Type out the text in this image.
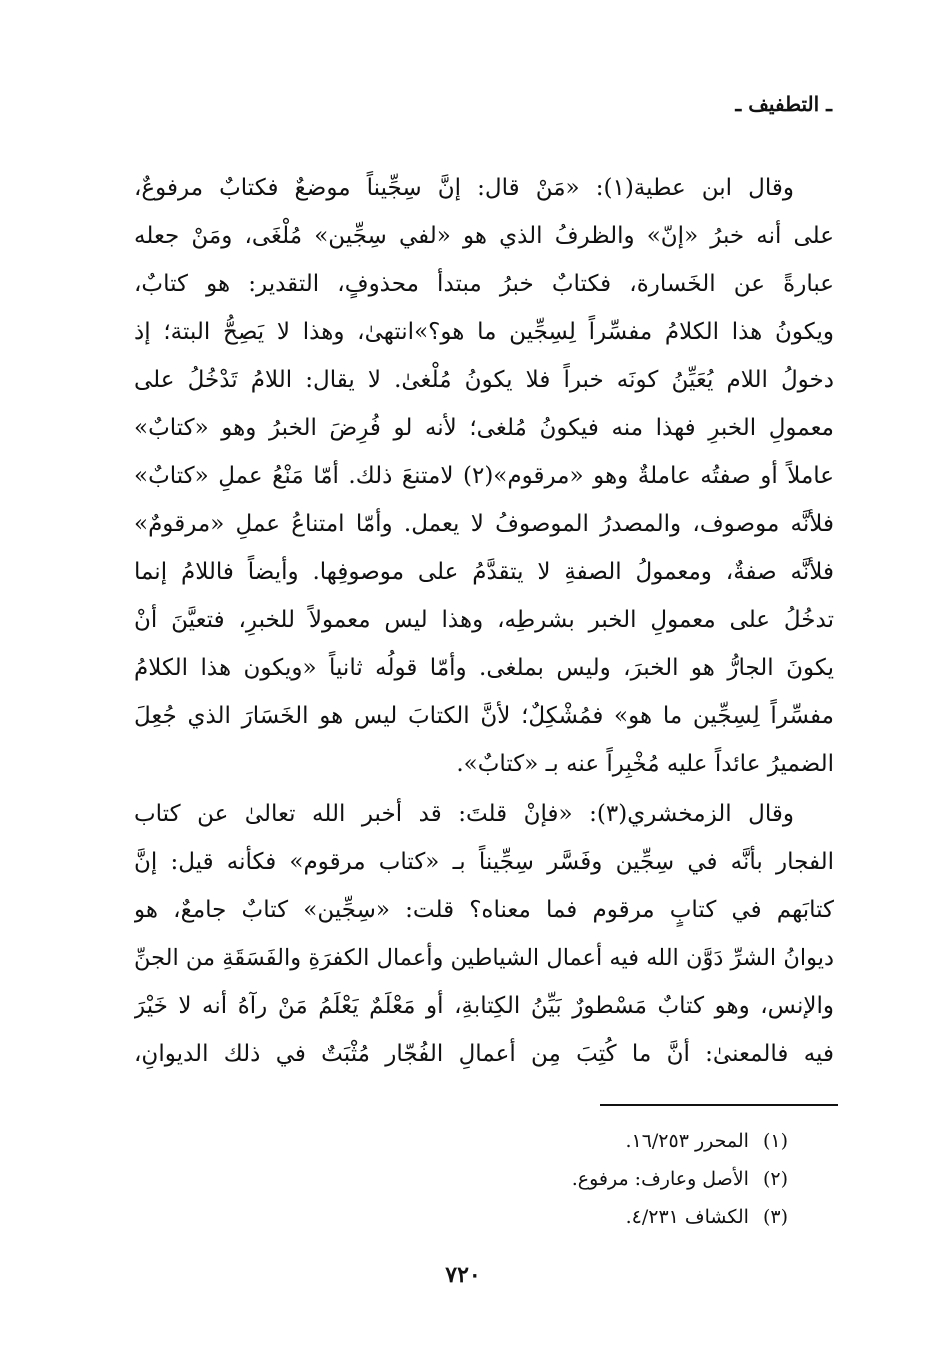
ـ التطفيف ـ
وقال ابن عطية(١): «مَنْ قال: إنَّ سِجِّيناً موضعٌ فكتابٌ مرفوعٌ،
على أنه خبرُ «إنّ» والظرفُ الذي هو «لفي سِجِّين» مُلْغَى، ومَنْ جعله
عبارةً عن الخَسارة، فكتابٌ خبرُ مبتدأ محذوفٍ، التقدير: هو كتابٌ،
ويكونُ هذا الكلامُ مفسِّراً لِسِجِّين ما هو؟»انتهىٰ، وهذا لا يَصِحُّ البتة؛ إذ
دخولُ اللام يُعَيِّنُ كونَه خبراً فلا يكونُ مُلْغىٰ. لا يقال: اللامُ تَدْخُلُ على
معمولِ الخبرِ فهذا منه فيكونُ مُلغى؛ لأنه لو فُرِضَ الخبرُ وهو «كتابٌ»
عاملاً أو صفتُه عاملةٌ وهو «مرقوم»(٢) لامتنعَ ذلك. أمّا مَنْعُ عملِ «كتابٌ»
فلأنَّه موصوف، والمصدرُ الموصوفُ لا يعمل. وأمّا امتناعُ عملِ «مرقومٌ»
فلأنَّه صفةٌ، ومعمولُ الصفةِ لا يتقدَّمُ على موصوفِها. وأيضاً فاللامُ إنما
تدخُلُ على معمولِ الخبر بشرطِه، وهذا ليس معمولاً للخبرِ، فتعيَّنَ أنْ
يكونَ الجارُّ هو الخبرَ، وليس بملغى. وأمّا قولُه ثانياً «ويكون هذا الكلامُ
مفسِّراً لِسِجِّين ما هو» فمُشْكِلٌ؛ لأنَّ الكتابَ ليس هو الخَسَارَ الذي جُعِلَ
الضميرُ عائداً عليه مُخْبِراً عنه بـ «كتابٌ».
وقال الزمخشري(٣): «فإنْ قلتَ: قد أخبر الله تعالىٰ عن كتاب
الفجار بأنَّه في سِجِّين وفَسَّر سِجِّيناً بـ «كتاب مرقوم» فكأنه قيل: إنَّ
كتابَهم في كتابٍ مرقوم فما معناه؟ قلت: «سِجِّين» كتابٌ جامعٌ، هو
ديوانُ الشرِّ دَوَّن الله فيه أعمال الشياطين وأعمال الكفرَةِ والفَسَقَةِ من الجنِّ
والإنس، وهو كتابٌ مَسْطورٌ بَيِّنُ الكِتابةِ، أو مَعْلَمٌ يَعْلَمُ مَنْ رآهُ أنه لا خَيْرَ
فيه فالمعنىٰ: أنَّ ما كُتِبَ مِن أعمالِ الفُجّار مُثْبَتٌ في ذلك الديوانِ،
(١)المحرر ١٦/٢٥٣.
(٢)الأصل وعارف: مرفوع.
(٣)الكشاف ٤/٢٣١.
٧٢٠
